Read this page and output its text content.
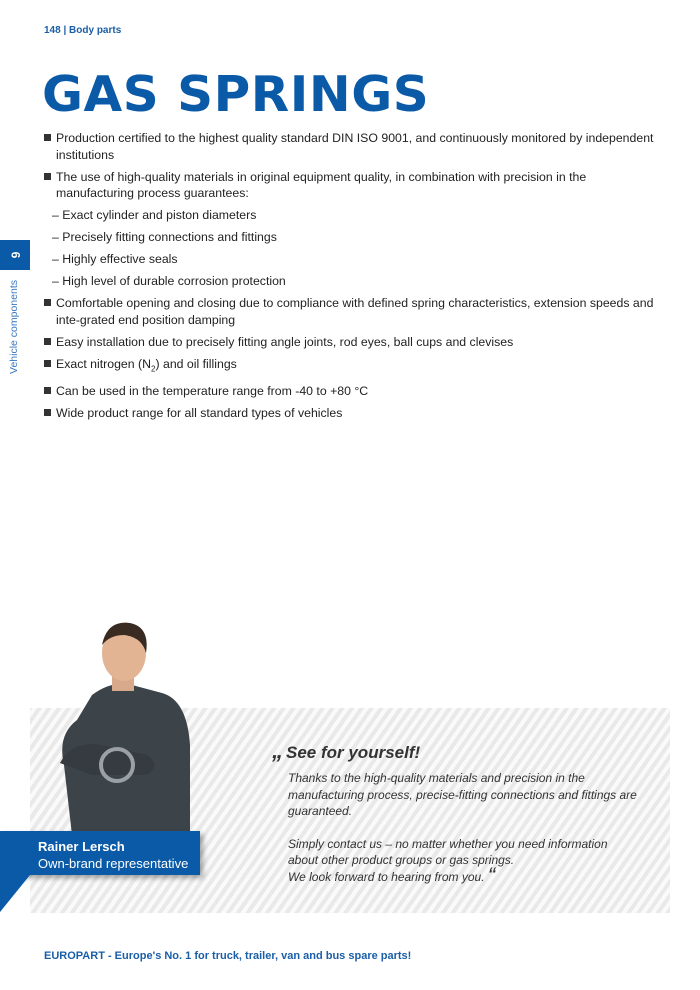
148 | Body parts
GAS SPRINGS
6
Vehicle components
Production certified to the highest quality standard DIN ISO 9001, and continuously monitored by independent institutions
The use of high-quality materials in original equipment quality, in combination with precision in the manufacturing process guarantees:
– Exact cylinder and piston diameters
– Precisely fitting connections and fittings
– Highly effective seals
– High level of durable corrosion protection
Comfortable opening and closing due to compliance with defined spring characteristics, extension speeds and inte-grated end position damping
Easy installation due to precisely fitting angle joints, rod eyes, ball cups and clevises
Exact nitrogen $(N_2)$ and oil fillings
Can be used in the temperature range from -40 to +80 °C
Wide product range for all standard types of vehicles
Rainer Lersch
Own-brand representative
„ See for yourself!

Thanks to the high-quality materials and precision in the manufacturing process, precise-fitting connections and fittings are guaranteed.

Simply contact us – no matter whether you need information about other product groups or gas springs.

We look forward to hearing from you. “

EUROPART - Europe's No. 1 for truck, trailer, van and bus spare parts!
